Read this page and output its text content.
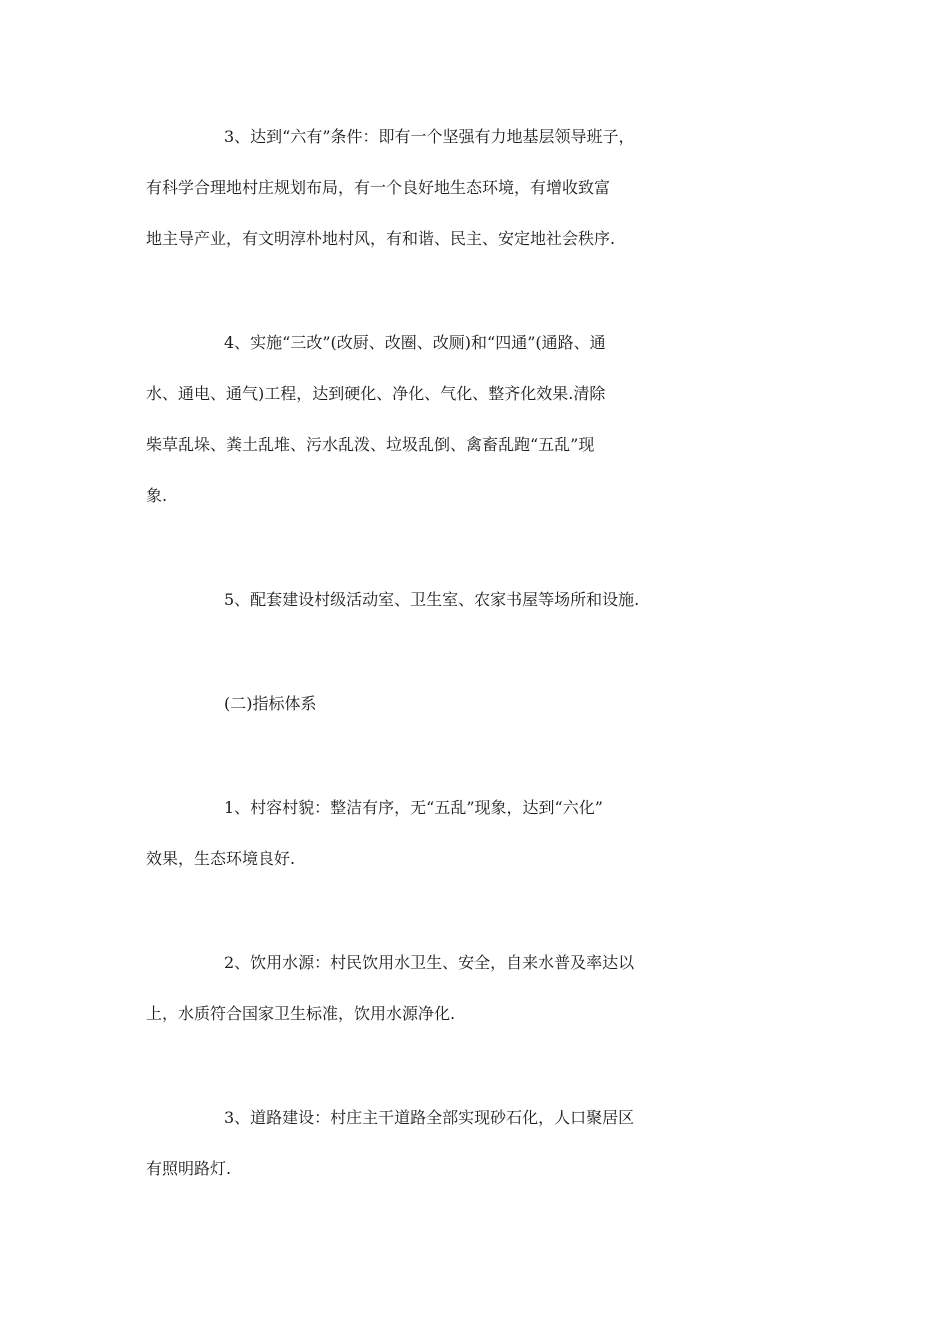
3、达到“六有”条件：即有一个坚强有力地基层领导班子，
有科学合理地村庄规划布局，有一个良好地生态环境，有增收致富
地主导产业，有文明淳朴地村风，有和谐、民主、安定地社会秩序.
4、实施“三改”(改厨、改圈、改厕)和“四通”(通路、通
水、通电、通气)工程，达到硬化、净化、气化、整齐化效果.清除
柴草乱垛、粪土乱堆、污水乱泼、垃圾乱倒、禽畜乱跑“五乱”现
象.
5、配套建设村级活动室、卫生室、农家书屋等场所和设施.
(二)指标体系
1、村容村貌：整洁有序，无“五乱”现象，达到“六化”
效果，生态环境良好.
2、饮用水源：村民饮用水卫生、安全，自来水普及率达以
上，水质符合国家卫生标准，饮用水源净化.
3、道路建设：村庄主干道路全部实现砂石化，人口聚居区
有照明路灯.
